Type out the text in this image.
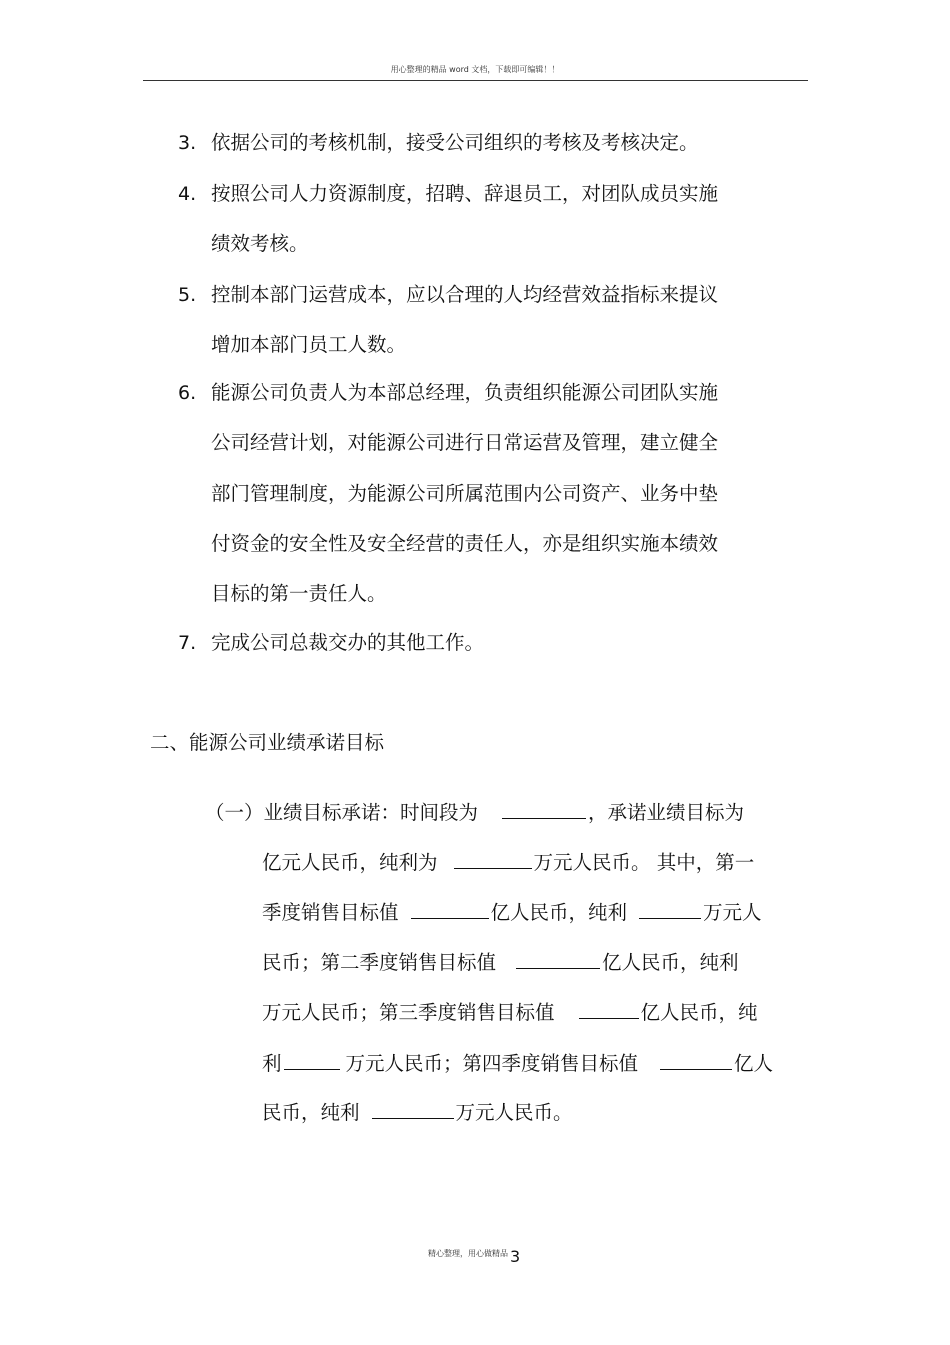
用心整理的精品 word 文档，下载即可编辑！！
3. 依据公司的考核机制，接受公司组织的考核及考核决定。
4. 按照公司人力资源制度，招聘、辞退员工，对团队成员实施
绩效考核。
5. 控制本部门运营成本，应以合理的人均经营效益指标来提议
增加本部门员工人数。
6. 能源公司负责人为本部总经理，负责组织能源公司团队实施
公司经营计划，对能源公司进行日常运营及管理，建立健全
部门管理制度，为能源公司所属范围内公司资产、业务中垫
付资金的安全性及安全经营的责任人，亦是组织实施本绩效
目标的第一责任人。
7. 完成公司总裁交办的其他工作。
二、能源公司业绩承诺目标
（一）业绩目标承诺：时间段为	，承诺业绩目标为
亿元人民币，纯利为	万元人民币。 其中，第一
季度销售目标值	亿人民币，纯利	万元人
民币；第二季度销售目标值	亿人民币，纯利
万元人民币；第三季度销售目标值	亿人民币，纯
利	万元人民币；第四季度销售目标值	亿人
民币，纯利	万元人民币。
精心整理，用心做精品 3
